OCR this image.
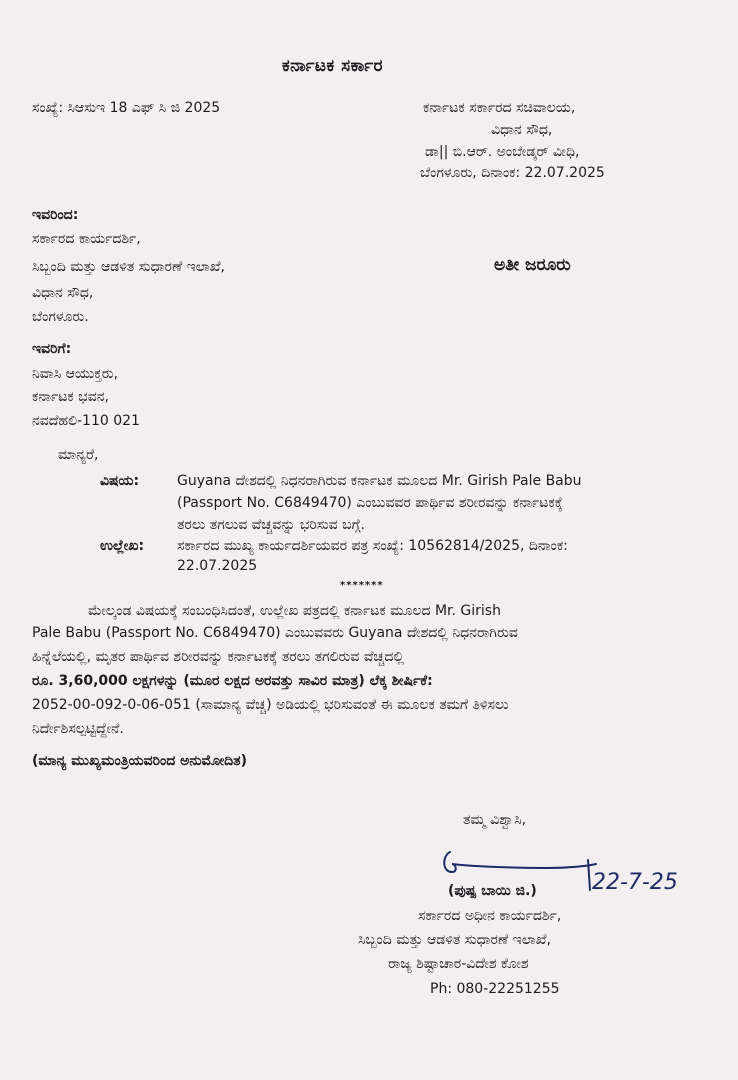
ಕರ್ನಾಟಕ ಸರ್ಕಾರ
ಸಂಖ್ಯೆ: ಸಿಆಸುಇ 18 ಎಫ್ ಸಿ ಜಿ 2025	ಕರ್ನಾಟಕ ಸರ್ಕಾರದ ಸಚಿವಾಲಯ,
ವಿಧಾನ ಸೌಧ,
ಡಾ|| ಬಿ.ಆರ್. ಅಂಬೇಡ್ಕರ್ ವೀಧಿ,
ಬೆಂಗಳೂರು, ದಿನಾಂಕ: 22.07.2025
ಇವರಿಂದ:
ಸರ್ಕಾರದ ಕಾರ್ಯದರ್ಶಿ,
ಸಿಬ್ಬಂದಿ ಮತ್ತು ಆಡಳಿತ ಸುಧಾರಣೆ ಇಲಾಖೆ,
ವಿಧಾನ ಸೌಧ,
ಬೆಂಗಳೂರು.
ಅತೀ ಜರೂರು
ಇವರಿಗೆ:
ನಿವಾಸಿ ಆಯುಕ್ತರು,
ಕರ್ನಾಟಕ ಭವನ,
ನವದೆಹಲಿ-110 021
ಮಾನ್ಯರೆ,
ವಿಷಯ:	Guyana ದೇಶದಲ್ಲಿ ನಿಧನರಾಗಿರುವ ಕರ್ನಾಟಕ ಮೂಲದ Mr. Girish Pale Babu
(Passport No. C6849470) ಎಂಬುವವರ ಪಾರ್ಥಿವ ಶರೀರವನ್ನು ಕರ್ನಾಟಕಕ್ಕೆ
ತರಲು ತಗಲುವ ವೆಚ್ಚವನ್ನು ಭರಿಸುವ ಬಗ್ಗೆ.
ಉಲ್ಲೇಖ: ಸರ್ಕಾರದ ಮುಖ್ಯ ಕಾರ್ಯದರ್ಶಿಯವರ ಪತ್ರ ಸಂಖ್ಯೆ: 10562814/2025, ದಿನಾಂಕ:
22.07.2025
*******
ಮೇಲ್ಕಂಡ ವಿಷಯಕ್ಕೆ ಸಂಬಂಧಿಸಿದಂತೆ, ಉಲ್ಲೇಖ ಪತ್ರದಲ್ಲಿ ಕರ್ನಾಟಕ ಮೂಲದ Mr. Girish
Pale Babu (Passport No. C6849470) ಎಂಬುವವರು Guyana ದೇಶದಲ್ಲಿ ನಿಧನರಾಗಿರುವ
ಹಿನ್ನೆಲೆಯಲ್ಲಿ, ಮೃತರ ಪಾರ್ಥಿವ ಶರೀರವನ್ನು ಕರ್ನಾಟಕಕ್ಕೆ ತರಲು ತಗಲಿರುವ ವೆಚ್ಚದಲ್ಲಿ
ರೂ. 3,60,000 ಲಕ್ಷಗಳನ್ನು (ಮೂರ ಲಕ್ಷದ ಅರವತ್ತು ಸಾವಿರ ಮಾತ್ರ) ಲೆಕ್ಕ ಶೀರ್ಷಿಕೆ:
2052-00-092-0-06-051 (ಸಾಮಾನ್ಯ ವೆಚ್ಚ) ಅಡಿಯಲ್ಲಿ ಭರಿಸುವಂತೆ ಈ ಮೂಲಕ ತಮಗೆ ತಿಳಿಸಲು
ನಿರ್ದೇಶಿಸಲ್ಪಟ್ಟಿದ್ದೇನೆ.
(ಮಾನ್ಯ ಮುಖ್ಯಮಂತ್ರಿಯವರಿಂದ ಅನುಮೋದಿತ)
ತಮ್ಮ ವಿಶ್ವಾಸಿ,
22-7-25
(ಪುಷ್ಪ ಬಾಯಿ ಜಿ.)
ಸರ್ಕಾರದ ಅಧೀನ ಕಾರ್ಯದರ್ಶಿ,
ಸಿಬ್ಬಂದಿ ಮತ್ತು ಆಡಳಿತ ಸುಧಾರಣೆ ಇಲಾಖೆ,
ರಾಜ್ಯ ಶಿಷ್ಟಾಚಾರ-ವಿದೇಶ ಕೋಶ
Ph: 080-22251255
